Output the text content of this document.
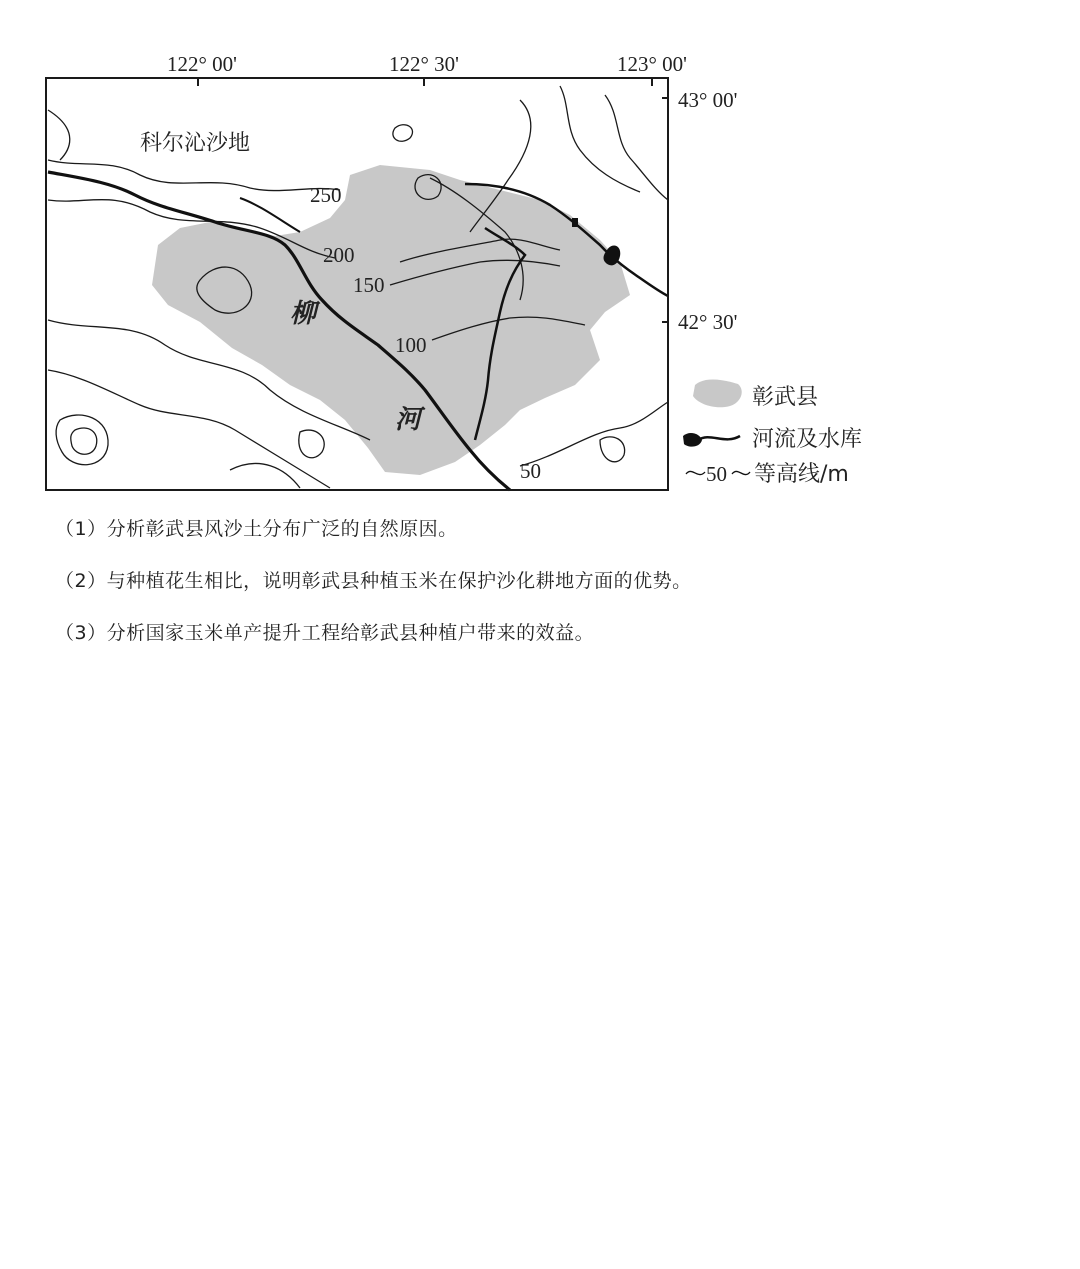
122° 00'	122° 30'	123° 00'
43° 00'
42° 30'
科尔沁沙地
250
200
150
100
50
柳
河
彰武县
河流及水库
50 等高线/m

（1）分析彰武县风沙土分布广泛的自然原因。

（2）与种植花生相比，说明彰武县种植玉米在保护沙化耕地方面的优势。

（3）分析国家玉米单产提升工程给彰武县种植户带来的效益。
